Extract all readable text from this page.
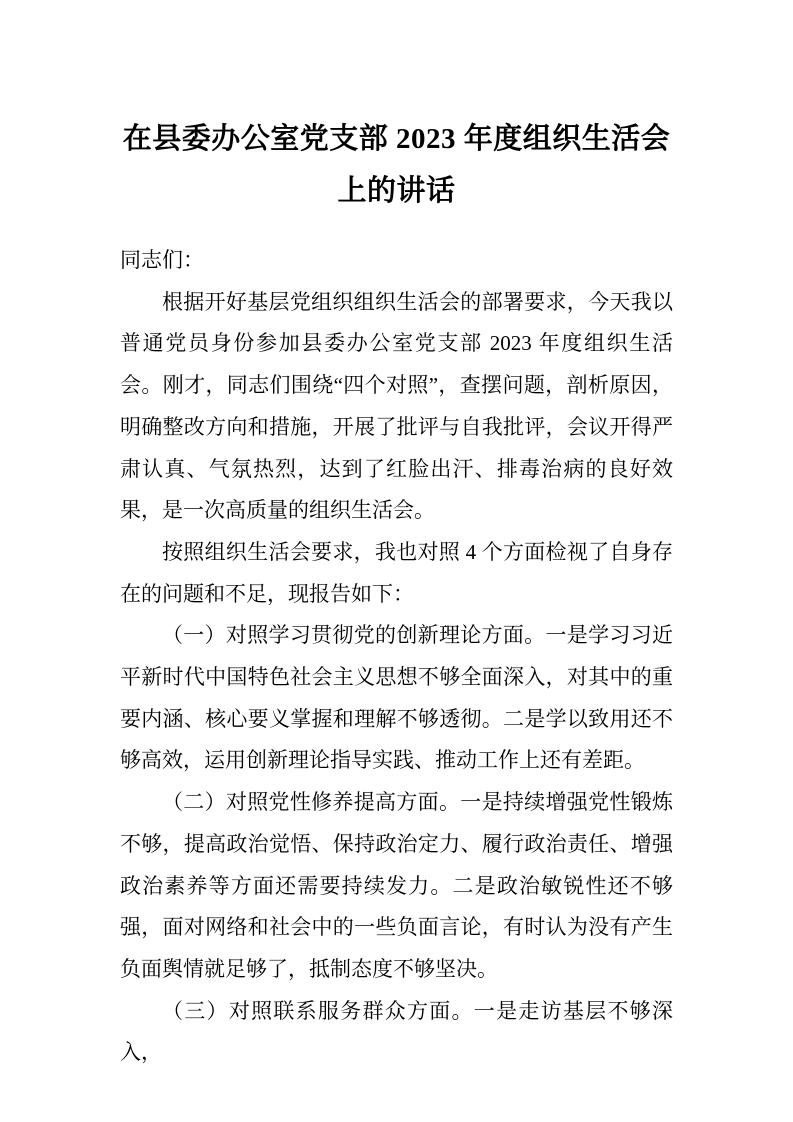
在县委办公室党支部 2023 年度组织生活会
上的讲话

同志们：

根据开好基层党组织组织生活会的部署要求，今天我以普通党员身份参加县委办公室党支部 2023 年度组织生活会。刚才，同志们围绕“四个对照”，查摆问题，剖析原因，明确整改方向和措施，开展了批评与自我批评，会议开得严肃认真、气氛热烈，达到了红脸出汗、排毒治病的良好效果，是一次高质量的组织生活会。

按照组织生活会要求，我也对照 4 个方面检视了自身存在的问题和不足，现报告如下：

（一）对照学习贯彻党的创新理论方面。一是学习习近平新时代中国特色社会主义思想不够全面深入，对其中的重要内涵、核心要义掌握和理解不够透彻。二是学以致用还不够高效，运用创新理论指导实践、推动工作上还有差距。

（二）对照党性修养提高方面。一是持续增强党性锻炼不够，提高政治觉悟、保持政治定力、履行政治责任、增强政治素养等方面还需要持续发力。二是政治敏锐性还不够强，面对网络和社会中的一些负面言论，有时认为没有产生负面舆情就足够了，抵制态度不够坚决。

（三）对照联系服务群众方面。一是走访基层不够深入，
